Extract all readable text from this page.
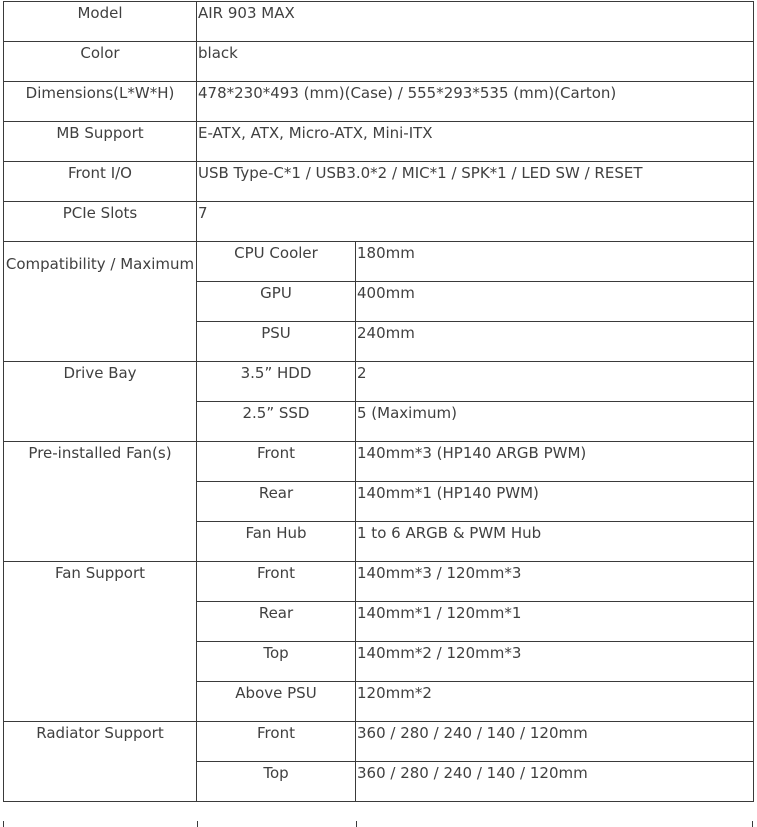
Model	AIR 903 MAX	
Color	black	
Dimensions(L*W*H)	478*230*493 (mm)(Case) / 555*293*535 (mm)(Carton)	
MB Support	E-ATX, ATX, Micro-ATX, Mini-ITX	
Front I/O	USB Type-C*1 / USB3.0*2 / MIC*1 / SPK*1 / LED SW / RESET	
PCIe Slots	7	
Compatibility / Maximum	CPU Cooler	180mm
	GPU	400mm
	PSU	240mm
Drive Bay	3.5” HDD	2
	2.5” SSD	5 (Maximum)
Pre-installed Fan(s)	Front	140mm*3 (HP140 ARGB PWM)
	Rear	140mm*1 (HP140 PWM)
	Fan Hub	1 to 6 ARGB & PWM Hub
Fan Support	Front	140mm*3 / 120mm*3
	Rear	140mm*1 / 120mm*1
	Top	140mm*2 / 120mm*3
	Above PSU	120mm*2
Radiator Support	Front	360 / 280 / 240 / 140 / 120mm
	Top	360 / 280 / 240 / 140 / 120mm
